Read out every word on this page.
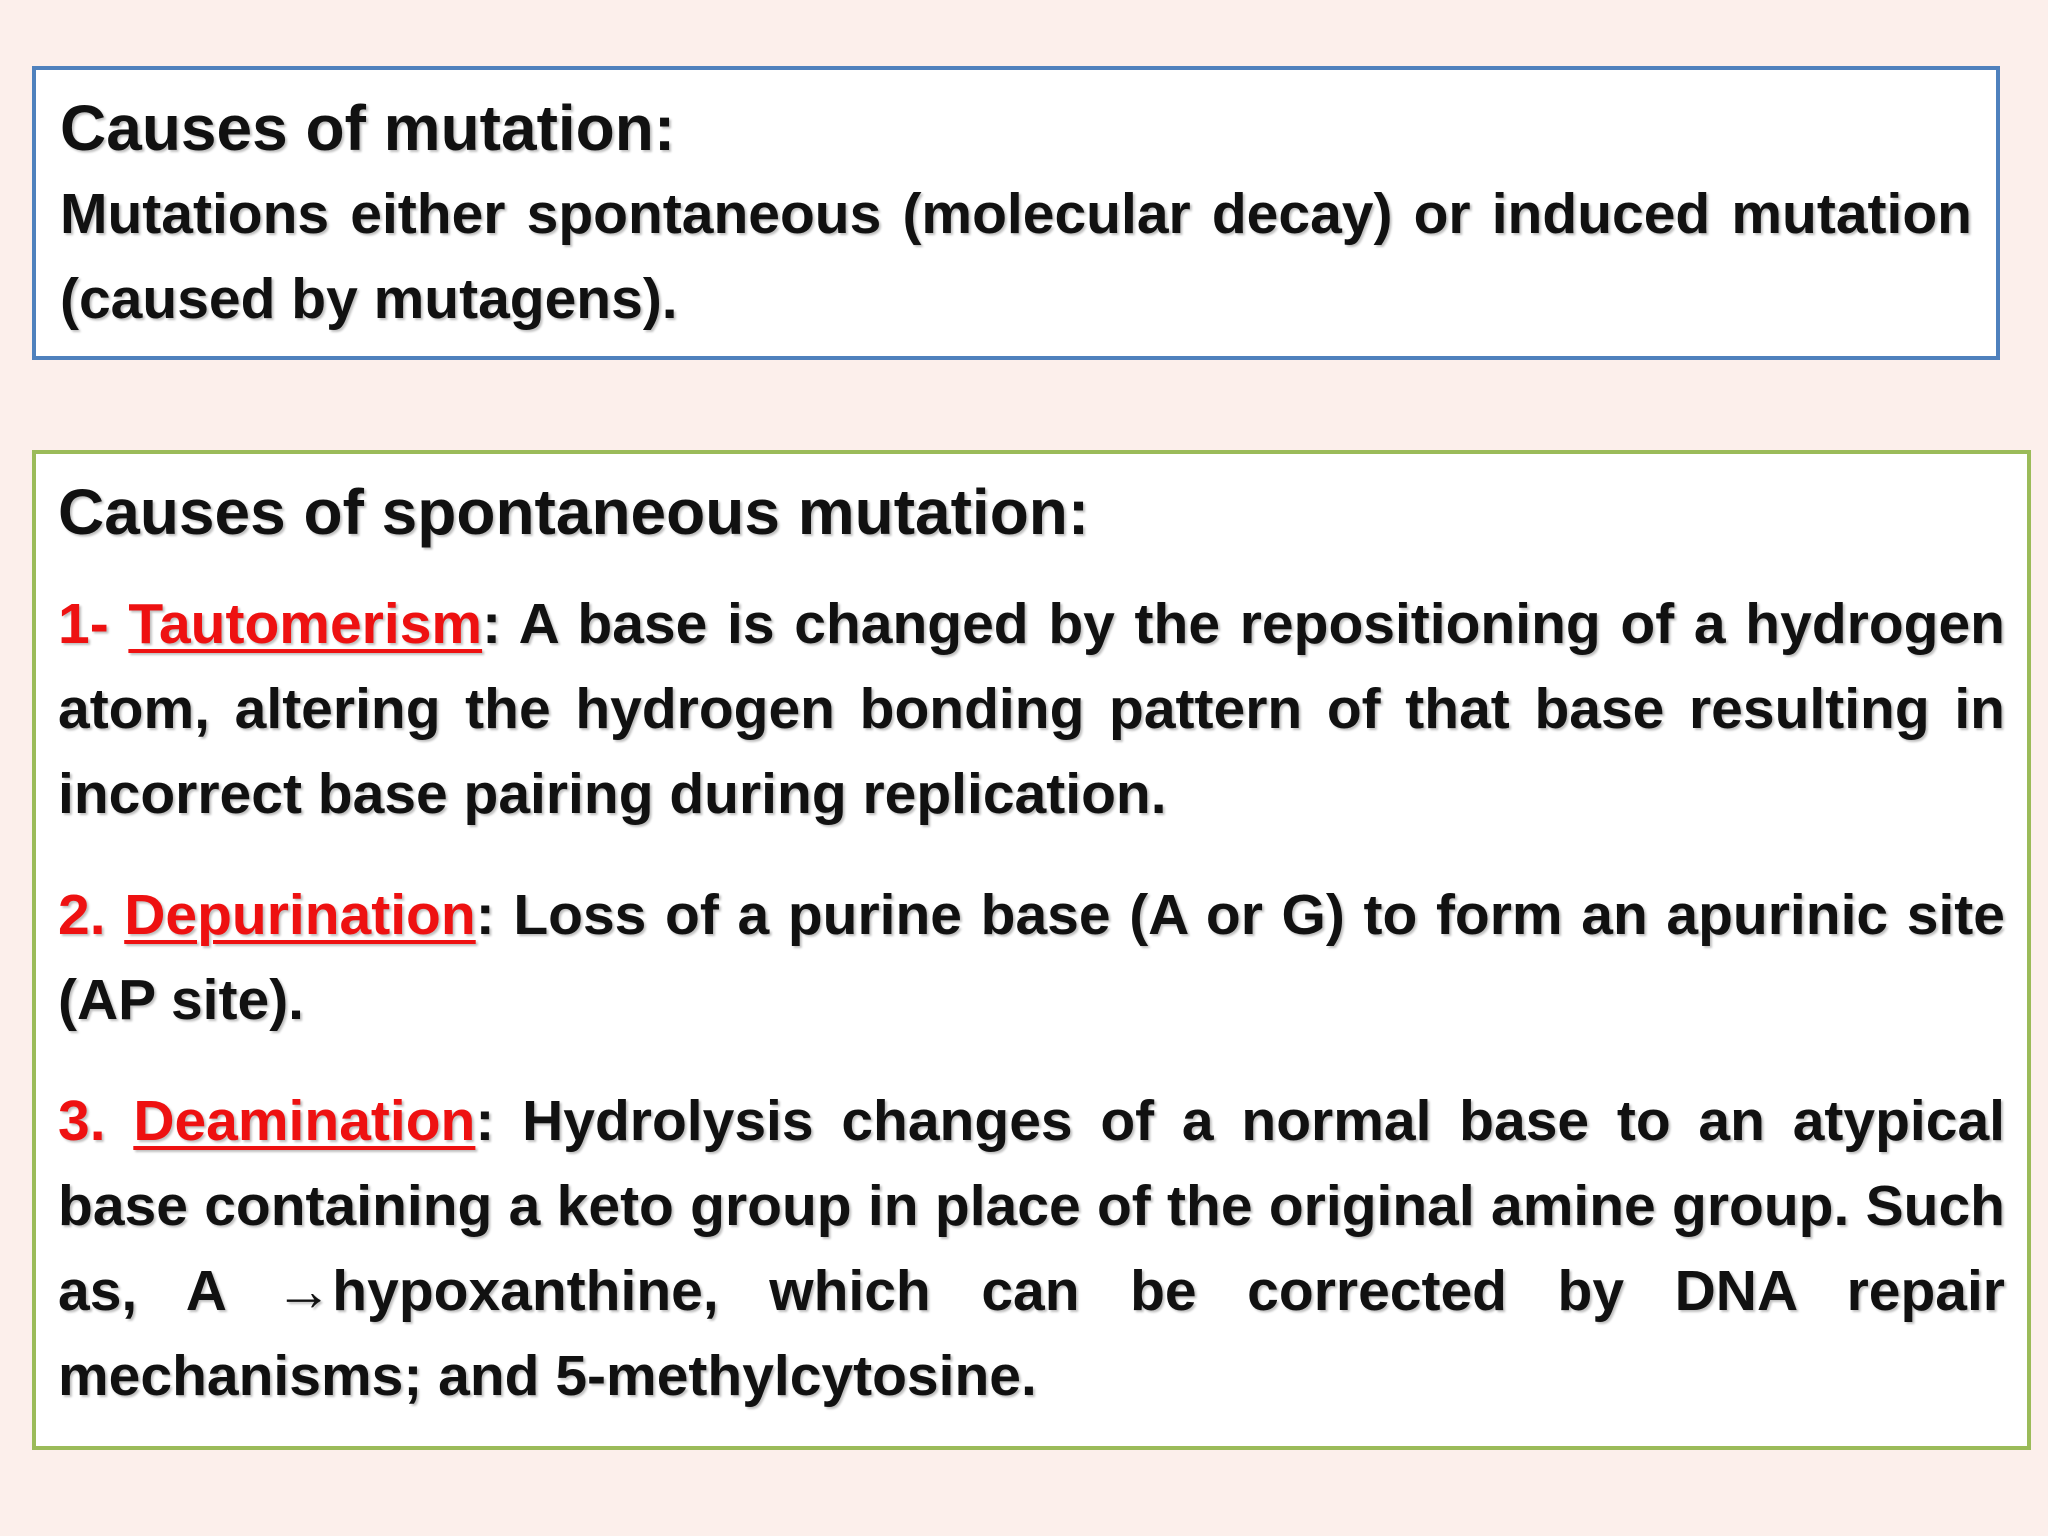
Causes of mutation:

Mutations either spontaneous (molecular decay) or induced mutation (caused by mutagens).

Causes of spontaneous mutation:

1- Tautomerism: A base is changed by the repositioning of a hydrogen atom, altering the hydrogen bonding pattern of that base resulting in incorrect base pairing during replication.

2. Depurination: Loss of a purine base (A or G) to form an apurinic site (AP site).

3. Deamination: Hydrolysis changes of a normal base to an atypical base containing a keto group in place of the original amine group. Such as, A →hypoxanthine, which can be corrected by DNA repair mechanisms; and 5-methylcytosine.
